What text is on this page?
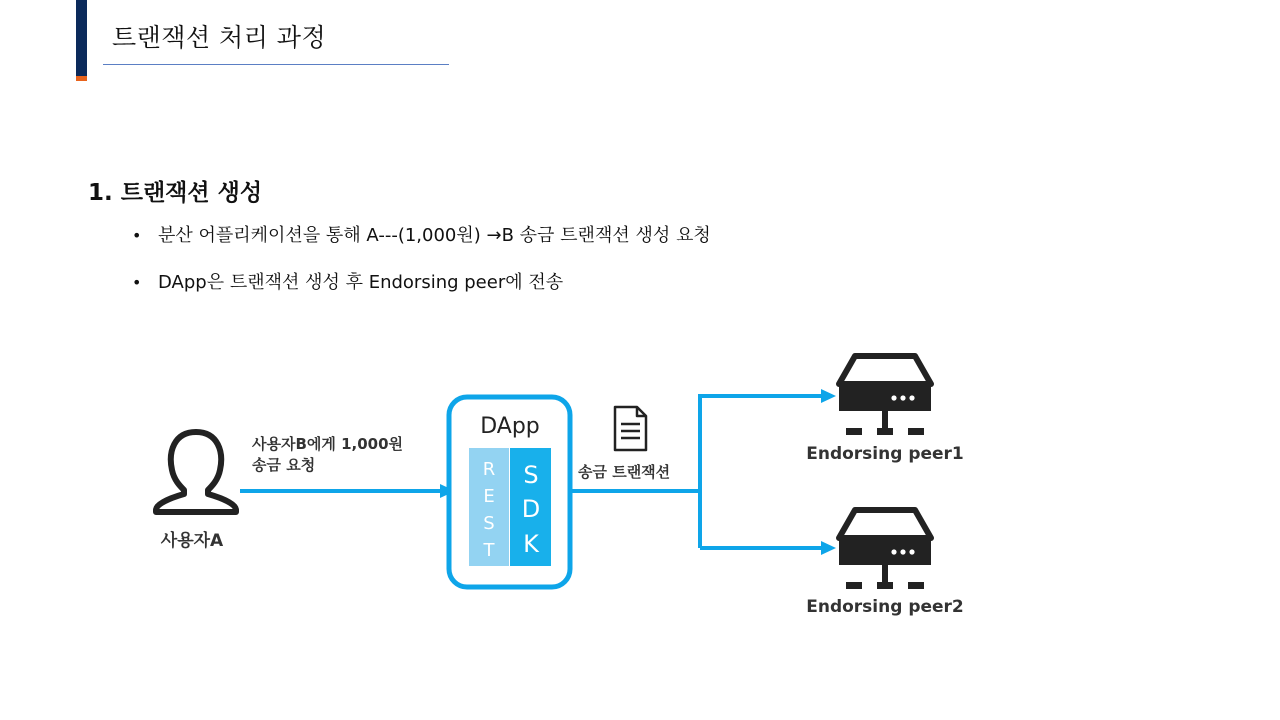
트랜잭션 처리 과정
1. 트랜잭션 생성
• 분산 어플리케이션을 통해 A---(1,000원) →B 송금 트랜잭션 생성 요청
• DApp은 트랜잭션 생성 후 Endorsing peer에 전송
사용자A
사용자B에게 1,000원
송금 요청
DApp
R
E
S
T
S
D
K
송금 트랜잭션
Endorsing peer1
Endorsing peer2
